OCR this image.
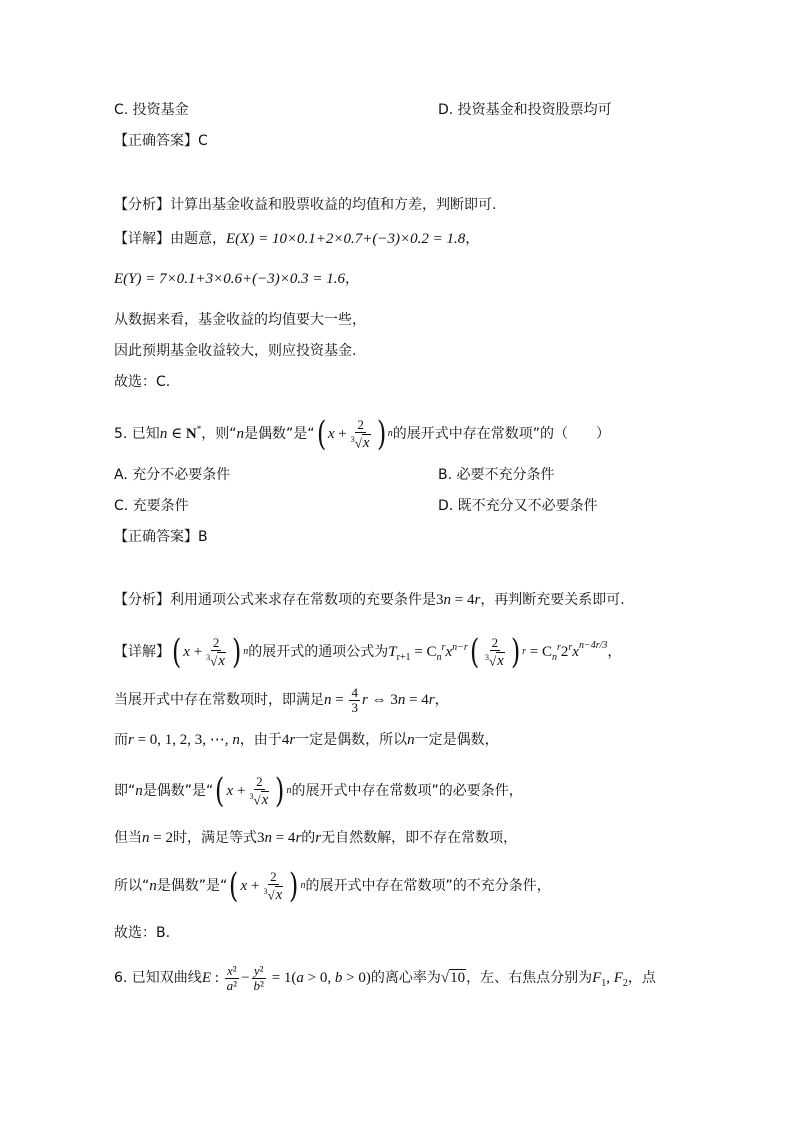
C. 投资基金	D. 投资基金和投资股票均可
【正确答案】C
【分析】计算出基金收益和股票收益的均值和方差，判断即可.
【详解】由题意，E(X) = 10×0.1+2×0.7+(−3)×0.2 = 1.8，
E(Y) = 7×0.1+3×0.6+(−3)×0.3 = 1.6，
从数据来看，基金收益的均值要大一些，
因此预期基金收益较大，则应投资基金.
故选：C.
5. 已知n ∈ N*，则“n是偶数”是“ ( $x + \frac{2}{^3√x}$ ) n 的展开式中存在常数项”的（　　）
A. 充分不必要条件	B. 必要不充分条件
C. 充要条件	D. 既不充分又不必要条件
【正确答案】B
【分析】利用通项公式来求存在常数项的充要条件是3n = 4r，再判断充要关系即可.
【详解】 ( $x + \frac{2}{^3√x}$ ) n 的展开式的通项公式为$T_{r+1} = C_n^rx^{n-r}$ ( $\frac{2}{^3√x}$ ) $r = C_n^r2^rx^{n-4r/3}$，
当展开式中存在常数项时，即满足$n = \frac{4}{3}$ r ⇔ 3n = 4r，
而r = 0, 1, 2, 3, ⋯, n，由于4r一定是偶数，所以n一定是偶数，
即“n是偶数”是“ ( $x + \frac{2}{^3√x}$ ) n 的展开式中存在常数项”的必要条件，
但当n = 2时，满足等式3n = 4r的r无自然数解，即不存在常数项，
所以“n是偶数”是“ ( $x + \frac{2}{^3√x}$ ) n 的展开式中存在常数项”的不充分条件，
故选：B.
6. 已知双曲线E : $\frac{\text{x²}}{\text{a²}} - \frac{\text{y²}}{\text{b²}} = 1(a > 0$, b > 0)的离心率为√10，左、右焦点分别为$F_1$, $F_2$，点
